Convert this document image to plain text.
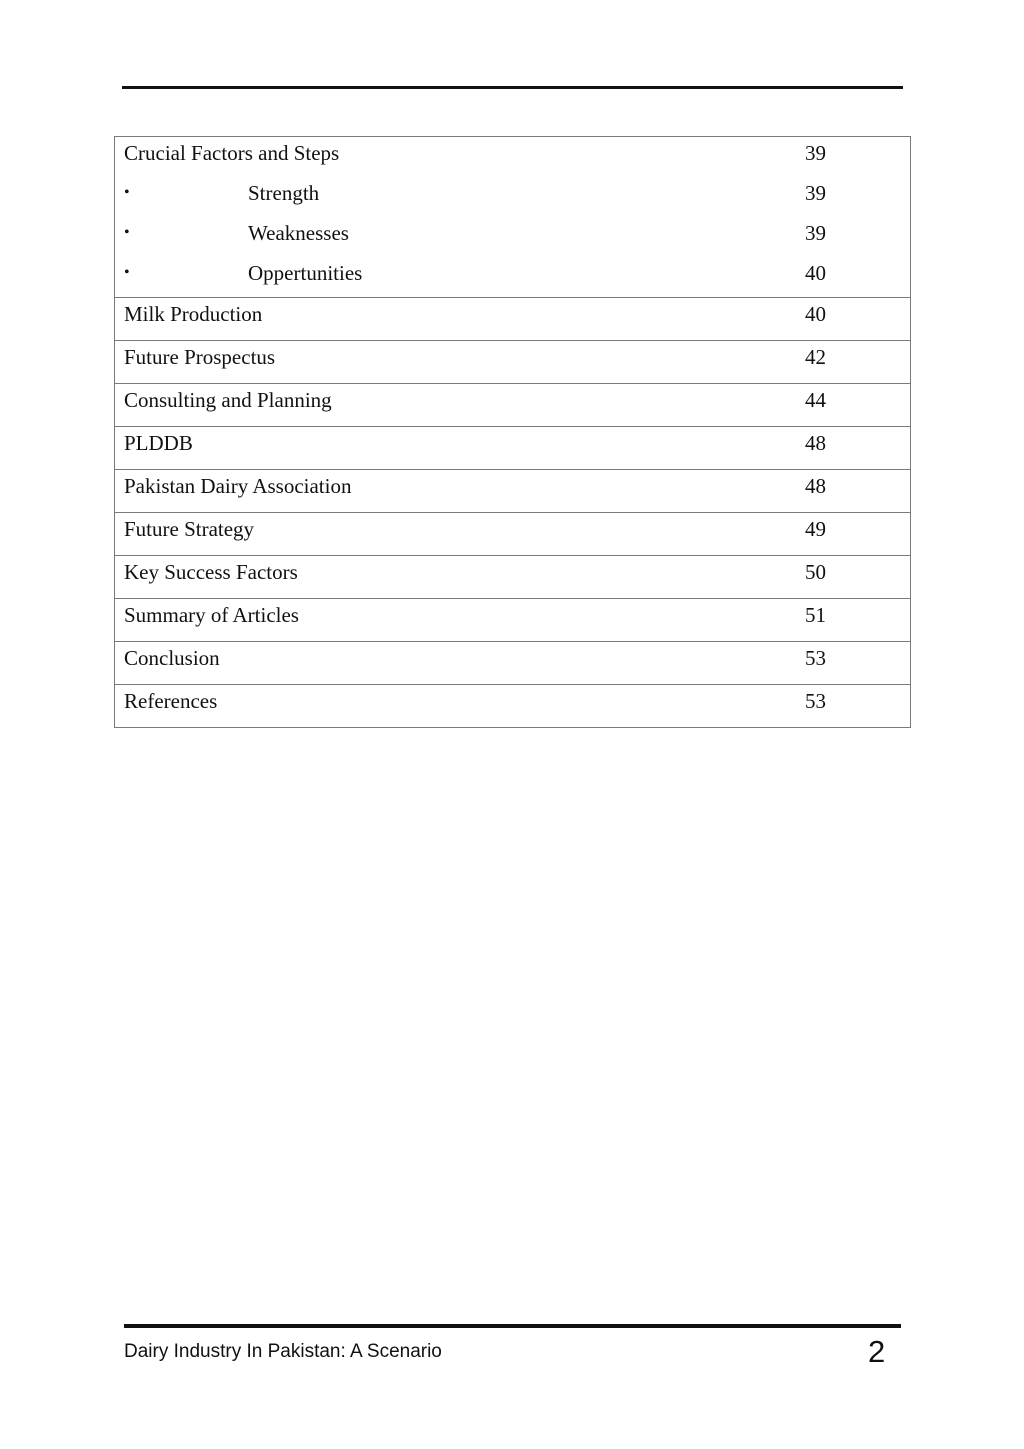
Crucial Factors and Steps	39
•	Strength	39
•	Weaknesses	39
•	Oppertunities	40
Milk Production	40
Future Prospectus	42
Consulting and Planning	44
PLDDB	48
Pakistan Dairy Association	48
Future Strategy	49
Key Success Factors	50
Summary of Articles	51
Conclusion	53
References	53
Dairy Industry In Pakistan: A Scenario	2
